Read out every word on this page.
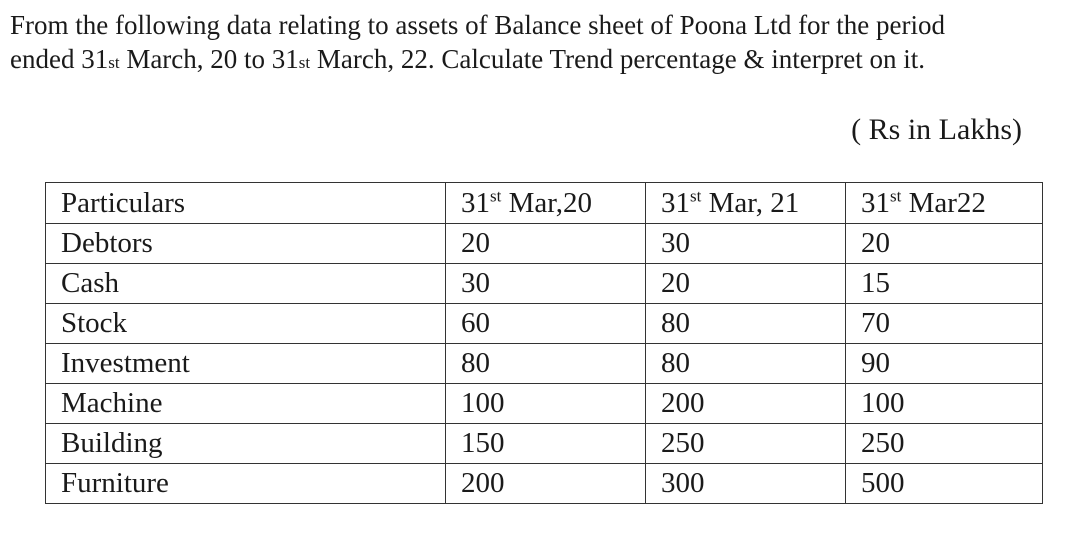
From the following data relating to assets of Balance sheet of Poona Ltd for the period
ended 31st March, 20 to 31st March, 22. Calculate Trend percentage & interpret on it.
( Rs in Lakhs)
Particulars	31st Mar,20	31st Mar, 21	31st Mar22
Debtors	20	30	20
Cash	30	20	15
Stock	60	80	70
Investment	80	80	90
Machine	100	200	100
Building	150	250	250
Furniture	200	300	500
